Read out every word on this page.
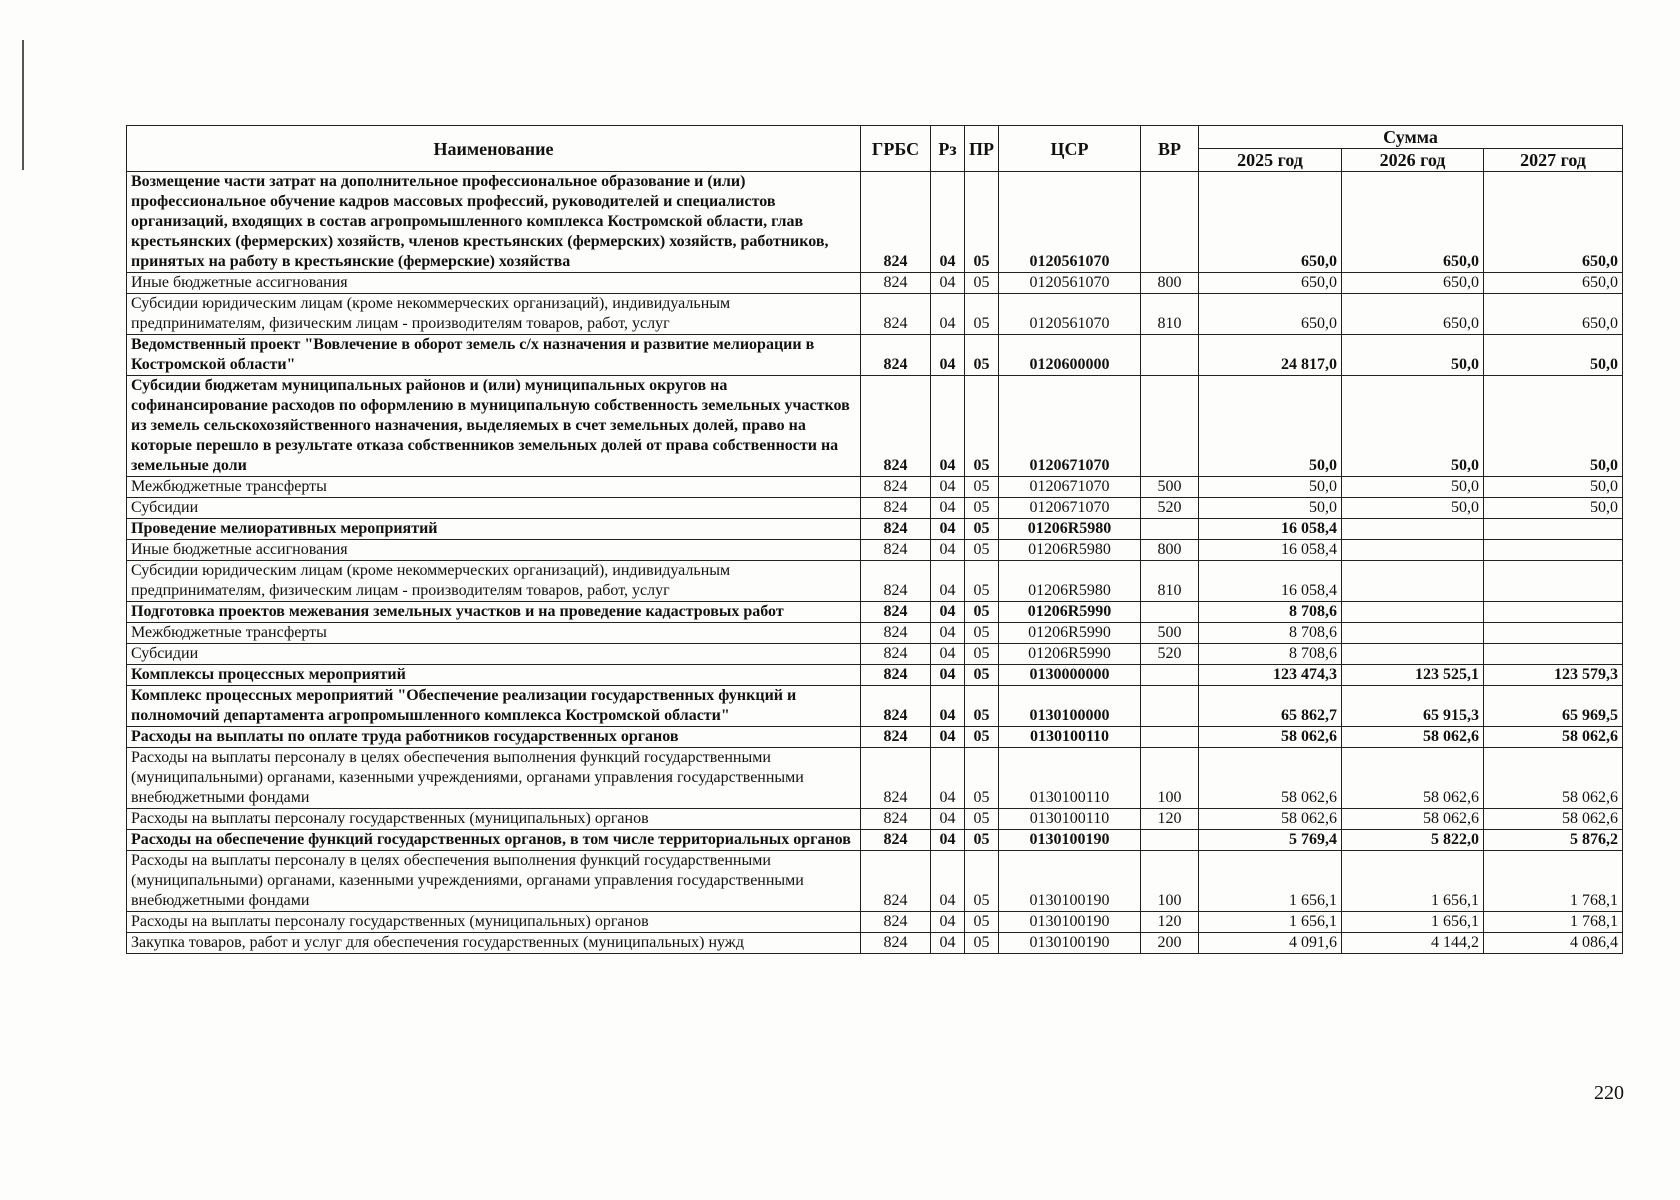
Наименование	ГРБС	Рз	ПР	ЦСР	ВР	Сумма		
						2025 год	2026 год	2027 год
Возмещение части затрат на дополнительное профессиональное образование и (или) профессиональное обучение кадров массовых профессий, руководителей и специалистов организаций, входящих в состав агропромышленного комплекса Костромской области, глав крестьянских (фермерских) хозяйств, членов крестьянских (фермерских) хозяйств, работников, принятых на работу в крестьянские (фермерские) хозяйства	824	04	05	0120561070		650,0	650,0	650,0
Иные бюджетные ассигнования	824	04	05	0120561070	800	650,0	650,0	650,0
Субсидии юридическим лицам (кроме некоммерческих организаций), индивидуальным предпринимателям, физическим лицам - производителям товаров, работ, услуг	824	04	05	0120561070	810	650,0	650,0	650,0
Ведомственный проект "Вовлечение в оборот земель с/х назначения и развитие мелиорации в Костромской области"	824	04	05	0120600000		24 817,0	50,0	50,0
Субсидии бюджетам муниципальных районов и (или) муниципальных округов на софинансирование расходов по оформлению в муниципальную собственность земельных участков из земель сельскохозяйственного назначения, выделяемых в счет земельных долей, право на которые перешло в результате отказа собственников земельных долей от права собственности на земельные доли	824	04	05	0120671070		50,0	50,0	50,0
Межбюджетные трансферты	824	04	05	0120671070	500	50,0	50,0	50,0
Субсидии	824	04	05	0120671070	520	50,0	50,0	50,0
Проведение мелиоративных мероприятий	824	04	05	01206R5980		16 058,4		
Иные бюджетные ассигнования	824	04	05	01206R5980	800	16 058,4		
Субсидии юридическим лицам (кроме некоммерческих организаций), индивидуальным предпринимателям, физическим лицам - производителям товаров, работ, услуг	824	04	05	01206R5980	810	16 058,4		
Подготовка проектов межевания земельных участков и на проведение кадастровых работ	824	04	05	01206R5990		8 708,6		
Межбюджетные трансферты	824	04	05	01206R5990	500	8 708,6		
Субсидии	824	04	05	01206R5990	520	8 708,6		
Комплексы процессных мероприятий	824	04	05	0130000000		123 474,3	123 525,1	123 579,3
Комплекс процессных мероприятий "Обеспечение реализации государственных функций и полномочий департамента агропромышленного комплекса Костромской области"	824	04	05	0130100000		65 862,7	65 915,3	65 969,5
Расходы на выплаты по оплате труда работников государственных органов	824	04	05	0130100110		58 062,6	58 062,6	58 062,6
Расходы на выплаты персоналу в целях обеспечения выполнения функций государственными (муниципальными) органами, казенными учреждениями, органами управления государственными внебюджетными фондами	824	04	05	0130100110	100	58 062,6	58 062,6	58 062,6
Расходы на выплаты персоналу государственных (муниципальных) органов	824	04	05	0130100110	120	58 062,6	58 062,6	58 062,6
Расходы на обеспечение функций государственных органов, в том числе территориальных органов	824	04	05	0130100190		5 769,4	5 822,0	5 876,2
Расходы на выплаты персоналу в целях обеспечения выполнения функций государственными (муниципальными) органами, казенными учреждениями, органами управления государственными внебюджетными фондами	824	04	05	0130100190	100	1 656,1	1 656,1	1 768,1
Расходы на выплаты персоналу государственных (муниципальных) органов	824	04	05	0130100190	120	1 656,1	1 656,1	1 768,1
Закупка товаров, работ и услуг для обеспечения государственных (муниципальных) нужд	824	04	05	0130100190	200	4 091,6	4 144,2	4 086,4
220
